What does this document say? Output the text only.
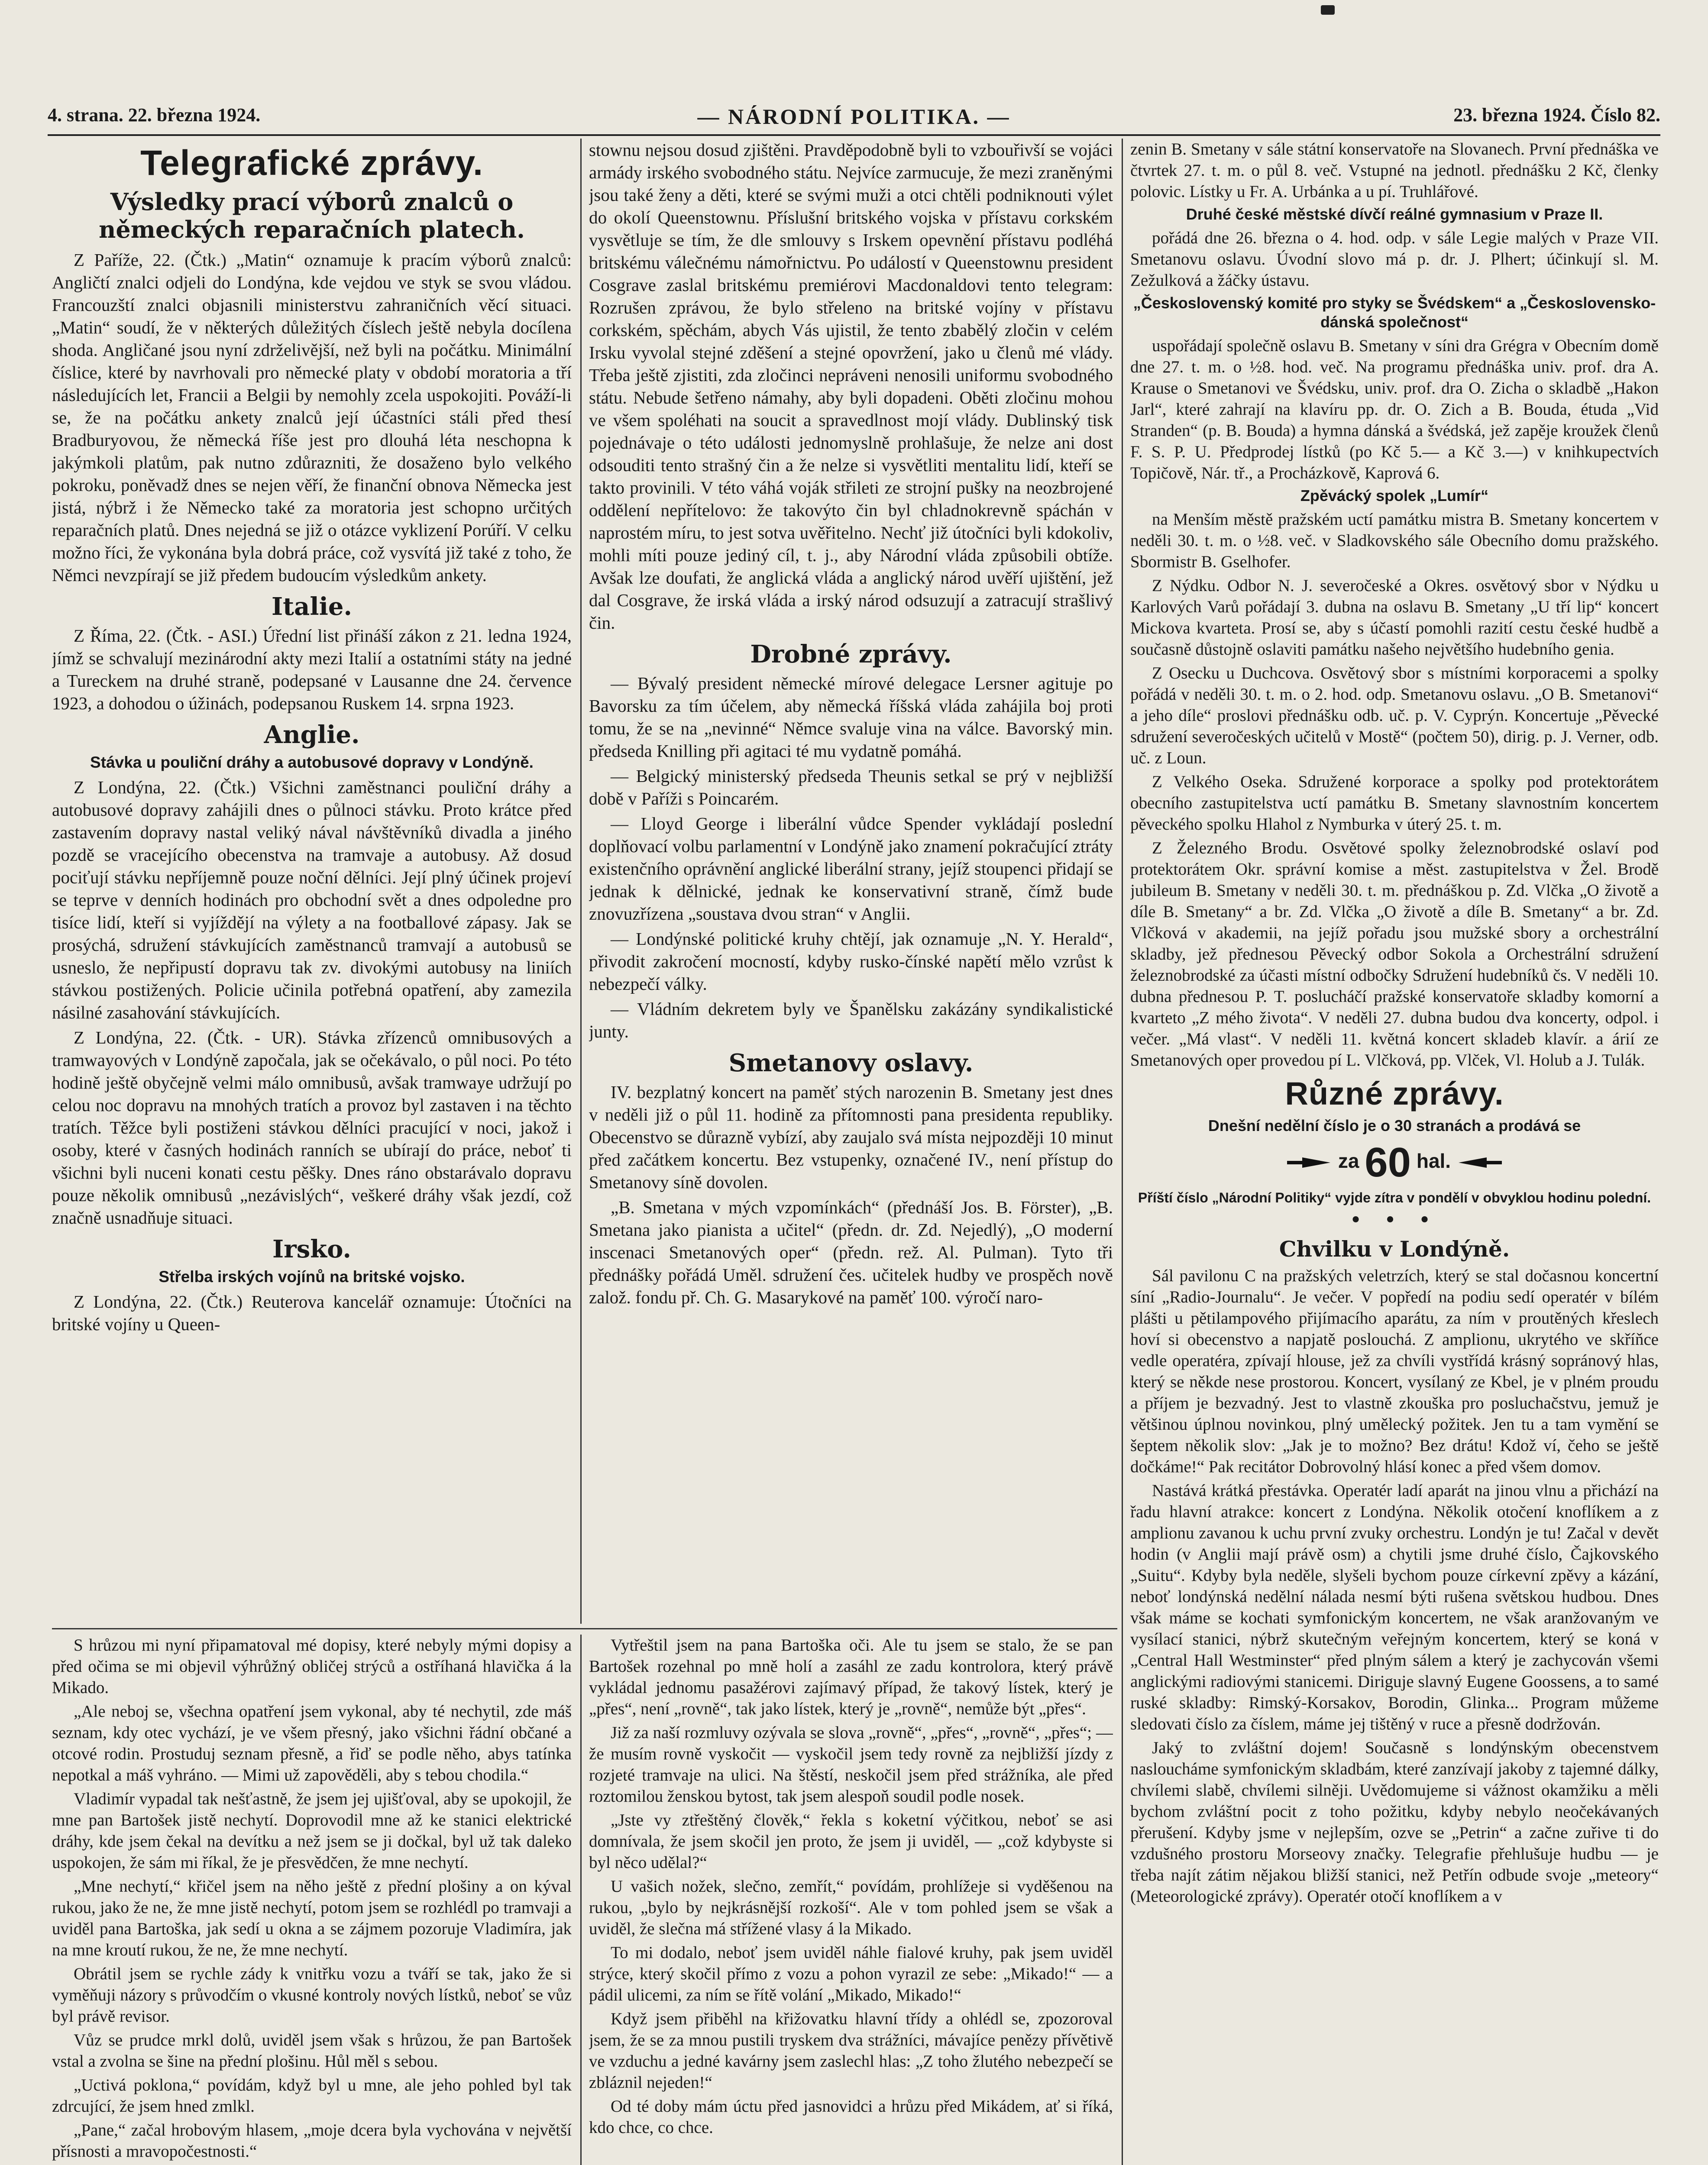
4. strana. 22. března 1924.	— NÁRODNÍ POLITIKA. —	23. března 1924. Číslo 82.
Telegrafické zprávy.
Výsledky prací výborů znalců o německých reparačních platech.

Z Paříže, 22. (Čtk.) „Matin“ oznamuje k pracím výborů znalců: Angličtí znalci odjeli do Londýna, kde vejdou ve styk se svou vládou. Francouzští znalci objasnili ministerstvu zahraničních věcí situaci. „Matin“ soudí, že v některých důležitých číslech ještě nebyla docílena shoda. Angličané jsou nyní zdrželivější, než byli na počátku. Minimální číslice, které by navrhovali pro německé platy v období moratoria a tří následujících let, Francii a Belgii by nemohly zcela uspokojiti. Pováží-li se, že na počátku ankety znalců její účastníci stáli před thesí Bradburyovou, že německá říše jest pro dlouhá léta neschopna k jakýmkoli platům, pak nutno zdůrazniti, že dosaženo bylo velkého pokroku, poněvadž dnes se nejen věří, že finanční obnova Německa jest jistá, nýbrž i že Německo také za moratoria jest schopno určitých reparačních platů. Dnes nejedná se již o otázce vyklizení Porúří. V celku možno říci, že vykonána byla dobrá práce, což vysvítá již také z toho, že Němci nevzpírají se již předem budoucím výsledkům ankety.

Italie.

Z Říma, 22. (Čtk. - ASI.) Úřední list přináší zákon z 21. ledna 1924, jímž se schvalují mezinárodní akty mezi Italií a ostatními státy na jedné a Tureckem na druhé straně, podepsané v Lausanne dne 24. července 1923, a dohodou o úžinách, podepsanou Ruskem 14. srpna 1923.

Anglie.
Stávka u pouliční dráhy a autobusové dopravy v Londýně.

Z Londýna, 22. (Čtk.) Všichni zaměstnanci pouliční dráhy a autobusové dopravy zahájili dnes o půlnoci stávku. Proto krátce před zastavením dopravy nastal veliký nával návštěvníků divadla a jiného pozdě se vracejícího obecenstva na tramvaje a autobusy. Až dosud pociťují stávku nepříjemně pouze noční dělníci. Její plný účinek projeví se teprve v denních hodinách pro obchodní svět a dnes odpoledne pro tisíce lidí, kteří si vyjíždějí na výlety a na footballové zápasy. Jak se prosýchá, sdružení stávkujících zaměstnanců tramvají a autobusů se usneslo, že nepřipustí dopravu tak zv. divokými autobusy na liniích stávkou postižených. Policie učinila potřebná opatření, aby zamezila násilné zasahování stávkujících.

Z Londýna, 22. (Čtk. - UR). Stávka zřízenců omnibusových a tramwayových v Londýně započala, jak se očekávalo, o půl noci. Po této hodině ještě obyčejně velmi málo omnibusů, avšak tramwaye udržují po celou noc dopravu na mnohých tratích a provoz byl zastaven i na těchto tratích. Těžce byli postiženi stávkou dělníci pracující v noci, jakož i osoby, které v časných hodinách ranních se ubírají do práce, neboť ti všichni byli nuceni konati cestu pěšky. Dnes ráno obstarávalo dopravu pouze několik omnibusů „nezávislých“, veškeré dráhy však jezdí, což značně usnadňuje situaci.

Irsko.
Střelba irských vojínů na britské vojsko.

Z Londýna, 22. (Čtk.) Reuterova kancelář oznamuje: Útočníci na britské vojíny u Queen-

stownu nejsou dosud zjištěni. Pravděpodobně byli to vzbouřivší se vojáci armády irského svobodného státu. Nejvíce zarmucuje, že mezi zraněnými jsou také ženy a děti, které se svými muži a otci chtěli podniknouti výlet do okolí Queenstownu. Příslušní britského vojska v přístavu corkském vysvětluje se tím, že dle smlouvy s Irskem opevnění přístavu podléhá britskému válečnému námořnictvu. Po událostí v Queenstownu president Cosgrave zaslal britskému premiérovi Macdonaldovi tento telegram: Rozrušen zprávou, že bylo střeleno na britské vojíny v přístavu corkském, spěchám, abych Vás ujistil, že tento zbabělý zločin v celém Irsku vyvolal stejné zděšení a stejné opovržení, jako u členů mé vlády. Třeba ještě zjistiti, zda zločinci nepráveni nenosili uniformu svobodného státu. Nebude šetřeno námahy, aby byli dopadeni. Oběti zločinu mohou ve všem spoléhati na soucit a spravedlnost mojí vlády. Dublinský tisk pojednávaje o této události jednomyslně prohlašuje, že nelze ani dost odsouditi tento strašný čin a že nelze si vysvětliti mentalitu lidí, kteří se takto provinili. V této váhá voják střileti ze strojní pušky na neozbrojené oddělení nepřítelovo: že takovýto čin byl chladnokrevně spáchán v naprostém míru, to jest sotva uvěřitelno. Nechť již útočníci byli kdokoliv, mohli míti pouze jediný cíl, t. j., aby Národní vláda způsobili obtíže. Avšak lze doufati, že anglická vláda a anglický národ uvěří ujištění, jež dal Cosgrave, že irská vláda a irský národ odsuzují a zatracují strašlivý čin.

Drobné zprávy.

— Bývalý president německé mírové delegace Lersner agituje po Bavorsku za tím účelem, aby německá říšská vláda zahájila boj proti tomu, že se na „nevinné“ Němce svaluje vina na válce. Bavorský min. předseda Knilling při agitaci té mu vydatně pomáhá.

— Belgický ministerský předseda Theunis setkal se prý v nejbližší době v Paříži s Poincarém.

— Lloyd George i liberální vůdce Spender vykládají poslední doplňovací volbu parlamentní v Londýně jako znamení pokračující ztráty existenčního oprávnění anglické liberální strany, jejíž stoupenci přidají se jednak k dělnické, jednak ke konservativní straně, čímž bude znovuzřízena „soustava dvou stran“ v Anglii.

— Londýnské politické kruhy chtějí, jak oznamuje „N. Y. Herald“, přivodit zakročení mocností, kdyby rusko-čínské napětí mělo vzrůst k nebezpečí války.

— Vládním dekretem byly ve Španělsku zakázány syndikalistické junty.

Smetanovy oslavy.

IV. bezplatný koncert na paměť stých narozenin B. Smetany jest dnes v neděli již o půl 11. hodině za přítomnosti pana presidenta republiky. Obecenstvo se důrazně vybízí, aby zaujalo svá místa nejpozději 10 minut před začátkem koncertu. Bez vstupenky, označené IV., není přístup do Smetanovy síně dovolen.

„B. Smetana v mých vzpomínkách“ (přednáší Jos. B. Förster), „B. Smetana jako pianista a učitel“ (předn. dr. Zd. Nejedlý), „O moderní inscenaci Smetanových oper“ (předn. rež. Al. Pulman). Tyto tři přednášky pořádá Uměl. sdružení čes. učitelek hudby ve prospěch nově založ. fondu př. Ch. G. Masarykové na paměť 100. výročí naro-

zenin B. Smetany v sále státní konservatoře na Slovanech. První přednáška ve čtvrtek 27. t. m. o půl 8. več. Vstupné na jednotl. přednášku 2 Kč, členky polovic. Lístky u Fr. A. Urbánka a u pí. Truhlářové.

Druhé české městské dívčí reálné gymnasium v Praze II.

pořádá dne 26. března o 4. hod. odp. v sále Legie malých v Praze VII. Smetanovu oslavu. Úvodní slovo má p. dr. J. Plhert; účinkují sl. M. Zežulková a žáčky ústavu.

„Československý komité pro styky se Švédskem“ a „Československo-dánská společnost“

uspořádají společně oslavu B. Smetany v síni dra Grégra v Obecním domě dne 27. t. m. o ½8. hod. več. Na programu přednáška univ. prof. dra A. Krause o Smetanovi ve Švédsku, univ. prof. dra O. Zicha o skladbě „Hakon Jarl“, které zahrají na klavíru pp. dr. O. Zich a B. Bouda, étuda „Vid Stranden“ (p. B. Bouda) a hymna dánská a švédská, jež zapěje kroužek členů F. S. P. U. Předprodej lístků (po Kč 5.— a Kč 3.—) v knihkupectvích Topičově, Nár. tř., a Procházkově, Kaprová 6.

Zpěvácký spolek „Lumír“

na Menším městě pražském uctí památku mistra B. Smetany koncertem v neděli 30. t. m. o ½8. več. v Sladkovského sále Obecního domu pražského. Sbormistr B. Gselhofer.

Z Nýdku. Odbor N. J. severočeské a Okres. osvětový sbor v Nýdku u Karlových Varů pořádají 3. dubna na oslavu B. Smetany „U tří lip“ koncert Mickova kvarteta. Prosí se, aby s účastí pomohli razití cestu české hudbě a současně důstojně oslaviti památku našeho největšího hudebního genia.

Z Osecku u Duchcova. Osvětový sbor s místními korporacemi a spolky pořádá v neděli 30. t. m. o 2. hod. odp. Smetanovu oslavu. „O B. Smetanovi“ a jeho díle“ proslovi přednášku odb. uč. p. V. Cyprýn. Koncertuje „Pěvecké sdružení severočeských učitelů v Mostě“ (počtem 50), dirig. p. J. Verner, odb. uč. z Loun.

Z Velkého Oseka. Sdružené korporace a spolky pod protektorátem obecního zastupitelstva uctí památku B. Smetany slavnostním koncertem pěveckého spolku Hlahol z Nymburka v úterý 25. t. m.

Z Železného Brodu. Osvětové spolky železnobrodské oslaví pod protektorátem Okr. správní komise a měst. zastupitelstva v Žel. Brodě jubileum B. Smetany v neděli 30. t. m. přednáškou p. Zd. Vlčka „O životě a díle B. Smetany“ a br. Zd. Vlčka „O životě a díle B. Smetany“ a br. Zd. Vlčková v akademii, na jejíž pořadu jsou mužské sbory a orchestrální skladby, jež přednesou Pěvecký odbor Sokola a Orchestrální sdružení železnobrodské za účasti místní odbočky Sdružení hudebníků čs. V neděli 10. dubna přednesou P. T. poslucháčí pražské konservatoře skladby komorní a kvarteto „Z mého života“. V neděli 27. dubna budou dva koncerty, odpol. i večer. „Má vlast“. V neděli 11. květná koncert skladeb klavír. a árií ze Smetanových oper provedou pí L. Vlčková, pp. Vlček, Vl. Holub a J. Tulák.

Různé zprávy.
Dnešní nedělní číslo je o 30 stranách a prodává se
za 60 hal.
Příští číslo „Národní Politiky“ vyjde zítra v pondělí v obvyklou hodinu polední.
• • •
Chvilku v Londýně.

Sál pavilonu C na pražských veletrzích, který se stal dočasnou koncertní síní „Radio-Journalu“. Je večer. V popředí na podiu sedí operatér v bílém plášti u pětilampového přijímacího aparátu, za ním v proutěných křeslech hoví si obecenstvo a napjatě poslouchá. Z amplionu, ukrytého ve skříňce vedle operatéra, zpívají hlouse, jež za chvíli vystřídá krásný sopránový hlas, který se někde nese prostorou. Koncert, vysílaný ze Kbel, je v plném proudu a příjem je bezvadný. Jest to vlastně zkouška pro posluchačstvu, jemuž je většinou úplnou novinkou, plný umělecký požitek. Jen tu a tam vymění se šeptem několik slov: „Jak je to možno? Bez drátu! Kdož ví, čeho se ještě dočkáme!“ Pak recitátor Dobrovolný hlásí konec a před všem domov.

Nastává krátká přestávka. Operatér ladí aparát na jinou vlnu a přichází na řadu hlavní atrakce: koncert z Londýna. Několik otočení knoflíkem a z amplionu zavanou k uchu první zvuky orchestru. Londýn je tu! Začal v devět hodin (v Anglii mají právě osm) a chytili jsme druhé číslo, Čajkovského „Suitu“. Kdyby byla neděle, slyšeli bychom pouze církevní zpěvy a kázání, neboť londýnská nedělní nálada nesmí býti rušena světskou hudbou. Dnes však máme se kochati symfonickým koncertem, ne však aranžovaným ve vysílací stanici, nýbrž skutečným veřejným koncertem, který se koná v „Central Hall Westminster“ před plným sálem a který je zachycován všemi anglickými radiovými stanicemi. Diriguje slavný Eugene Goossens, a to samé ruské skladby: Rimský-Korsakov, Borodin, Glinka... Program můžeme sledovati číslo za číslem, máme jej tištěný v ruce a přesně dodržován.

Jaký to zvláštní dojem! Současně s londýnským obecenstvem naslouchámе symfonickým skladbám, které zanzívají jakoby z tajemné dálky, chvílemi slabě, chvílemi silněji. Uvědomujeme si vážnost okamžiku a měli bychom zvláštní pocit z toho požitku, kdyby nebylo neočekávaných přerušení. Kdyby jsme v nejlepším, ozve se „Petrin“ a začne zuřive ti do vzdušného prostoru Morseovy značky. Telegrafie přehlušuje hudbu — je třeba najít zátim nějakou bližší stanici, než Petřín odbude svoje „meteory“ (Meteorologické zprávy). Operatér otočí knoflíkem a v

S hrůzou mi nyní připamatoval mé dopisy, které nebyly mými dopisy a před očima se mi objevil výhrůžný obličej strýců a ostříhaná hlavička á la Mikado.

„Ale neboj se, všechna opatření jsem vykonal, aby té nechytil, zde máš seznam, kdy otec vychází, je ve všem přesný, jako všichni řádní občané a otcové rodin. Prostuduj seznam přesně, a řiď se podle něho, abys tatínka nepotkal a máš vyhráno. — Mimi už zapověděli, aby s tebou chodila.“

Vladimír vypadal tak nešťastně, že jsem jej ujišťoval, aby se upokojil, že mne pan Bartošek jistě nechytí. Doprovodil mne až ke stanici elektrické dráhy, kde jsem čekal na devítku a než jsem se ji dočkal, byl už tak daleko uspokojen, že sám mi říkal, že je přesvědčen, že mne nechytí.

„Mne nechytí,“ křičel jsem na něho ještě z přední plošiny a on kýval rukou, jako že ne, že mne jistě nechytí, potom jsem se rozhlédl po tramvaji a uviděl pana Bartoška, jak sedí u okna a se zájmem pozoruje Vladimíra, jak na mne kroutí rukou, že ne, že mne nechytí.

Obrátil jsem se rychle zády k vnitřku vozu a tváří se tak, jako že si vyměňuji názory s průvodčím o vkusné kontroly nových lístků, neboť se vůz byl právě revisor.

Vůz se prudce mrkl dolů, uviděl jsem však s hrůzou, že pan Bartošek vstal a zvolna se šine na přední plošinu. Hůl měl s sebou.

„Uctivá poklona,“ povídám, když byl u mne, ale jeho pohled byl tak zdrcující, že jsem hned zmlkl.

„Pane,“ začal hrobovým hlasem, „moje dcera byla vychována v největší přísnosti a mravopočestnosti.“

Vytřeštil jsem na pana Bartoška oči. Ale tu jsem se stalo, že se pan Bartošek rozehnal po mně holí a zasáhl ze zadu kontrolora, který právě vykládal jednomu pasažérovi zajímavý případ, že takový lístek, který je „přes“, není „rovně“, tak jako lístek, který je „rovně“, nemůže být „přes“.

Již za naší rozmluvy ozývala se slova „rovně“, „přes“, „rovně“, „přes“; — že musím rovně vyskočit — vyskočil jsem tedy rovně za nejbližší jízdy z rozjeté tramvaje na ulici. Na štěstí, neskočil jsem před strážníka, ale před roztomilou ženskou bytost, tak jsem alespoň soudil podle nosek.

„Jste vy ztřeštěný člověk,“ řekla s koketní výčitkou, neboť se asi domnívala, že jsem skočil jen proto, že jsem ji uviděl, — „což kdybyste si byl něco udělal?“

U vašich nožek, slečno, zemřít,“ povídám, prohlížeje si vyděšenou na rukou, „bylo by nejkrásnější rozkoší“. Ale v tom pohled jsem se však a uviděl, že slečna má střížené vlasy á la Mikado.

To mi dodalo, neboť jsem uviděl náhle fialové kruhy, pak jsem uviděl strýce, který skočil přímo z vozu a pohon vyrazil ze sebe: „Mikado!“ — a pádil ulicemi, za ním se řítě volání „Mikado, Mikado!“

Když jsem přiběhl na křižovatku hlavní třídy a ohlédl se, zpozoroval jsem, že se za mnou pustili tryskem dva strážníci, mávajíce penězy přívětivě ve vzduchu a jedné kavárny jsem zaslechl hlas: „Z toho žlutého nebezpečí se zbláznil nejeden!“

Od té doby mám úctu před jasnovidci a hrůzu před Mikádem, ať si říká, kdo chce, co chce.
